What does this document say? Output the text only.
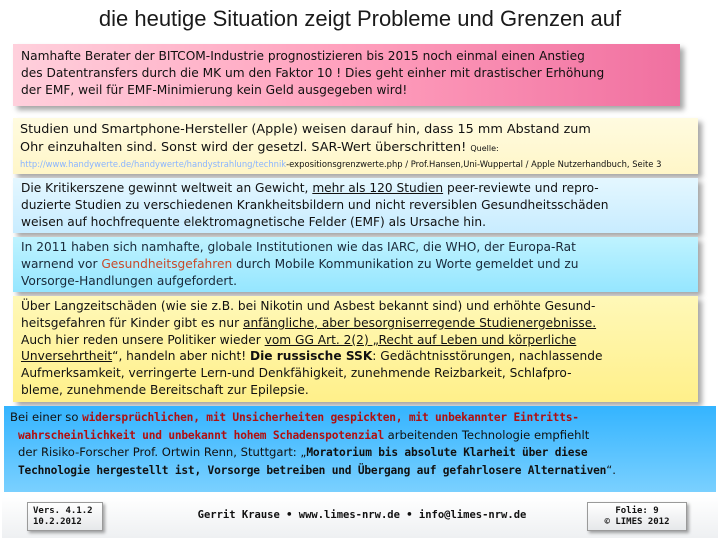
die heutige Situation zeigt Probleme und Grenzen auf
Namhafte Berater der BITCOM-Industrie prognostizieren bis 2015 noch einmal einen Anstieg
des Datentransfers durch die MK um den Faktor 10 ! Dies geht einher mit drastischer Erhöhung
der EMF, weil für EMF-Minimierung kein Geld ausgegeben wird!
Studien und Smartphone-Hersteller (Apple) weisen darauf hin, dass 15 mm Abstand zum
Ohr einzuhalten sind. Sonst wird der gesetzl. SAR-Wert überschritten! Quelle:
http://www.handywerte.de/handywerte/handystrahlung/technik-expositionsgrenzwerte.php / Prof.Hansen,Uni-Wuppertal / Apple Nutzerhandbuch, Seite 3
Die Kritikerszene gewinnt weltweit an Gewicht, mehr als 120 Studien peer-reviewte und repro-
duzierte Studien zu verschiedenen Krankheitsbildern und nicht reversiblen Gesundheitsschäden
weisen auf hochfrequente elektromagnetische Felder (EMF) als Ursache hin.
In 2011 haben sich namhafte, globale Institutionen wie das IARC, die WHO, der Europa-Rat
warnend vor Gesundheitsgefahren durch Mobile Kommunikation zu Worte gemeldet und zu
Vorsorge-Handlungen aufgefordert.
Über Langzeitschäden (wie sie z.B. bei Nikotin und Asbest bekannt sind) und erhöhte Gesund-
heitsgefahren für Kinder gibt es nur anfängliche, aber besorgniserregende Studienergebnisse.
Auch hier reden unsere Politiker wieder vom GG Art. 2(2) „Recht auf Leben und körperliche
Unversehrtheit“, handeln aber nicht! Die russische SSK: Gedächtnisstörungen, nachlassende
Aufmerksamkeit, verringerte Lern-und Denkfähigkeit, zunehmende Reizbarkeit, Schlafpro-
bleme, zunehmende Bereitschaft zur Epilepsie.
Bei einer so widersprüchlichen, mit Unsicherheiten gespickten, mit unbekannter Eintritts-
wahrscheinlichkeit und unbekannt hohem Schadenspotenzial arbeitenden Technologie empfiehlt
der Risiko-Forscher Prof. Ortwin Renn, Stuttgart: „Moratorium bis absolute Klarheit über diese
Technologie hergestellt ist, Vorsorge betreiben und Übergang auf gefahrlosere Alternativen“.
Vers. 4.1.2
10.2.2012
Gerrit Krause • www.limes-nrw.de • info@limes-nrw.de	Folie: 9
© LIMES 2012
